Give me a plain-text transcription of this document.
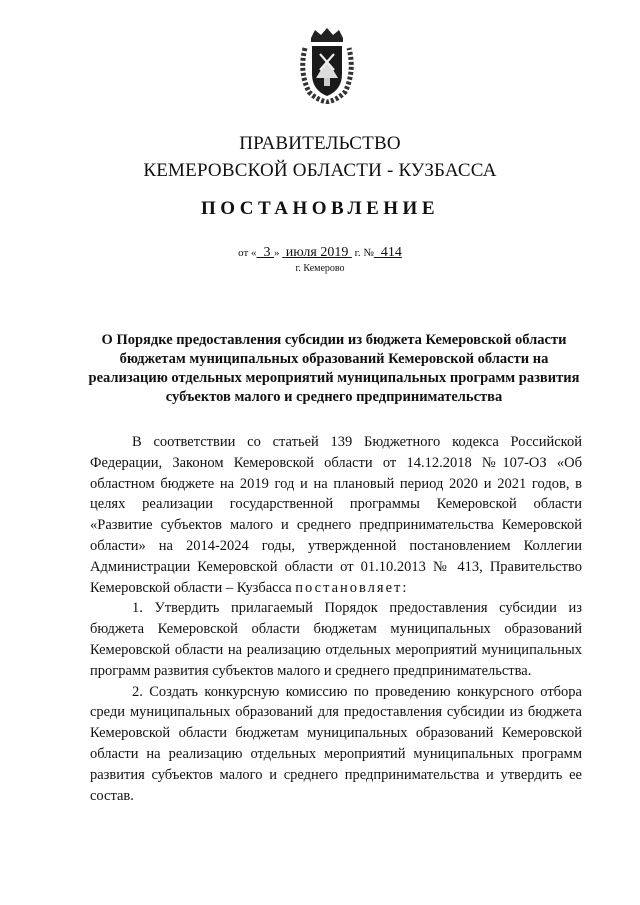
ПРАВИТЕЛЬСТВО
КЕМЕРОВСКОЙ ОБЛАСТИ - КУЗБАССА
ПОСТАНОВЛЕНИЕ
от « 3 » июля 2019 г. № 414
г. Кемерово
О Порядке предоставления субсидии из бюджета Кемеровской области бюджетам муниципальных образований Кемеровской области на реализацию отдельных мероприятий муниципальных программ развития субъектов малого и среднего предпринимательства

В соответствии со статьей 139 Бюджетного кодекса Российской Федерации, Законом Кемеровской области от 14.12.2018 №107-ОЗ «Об областном бюджете на 2019 год и на плановый период 2020 и 2021 годов, в целях реализации государственной программы Кемеровской области «Развитие субъектов малого и среднего предпринимательства Кемеровской области» на 2014-2024 годы, утвержденной постановлением Коллегии Администрации Кемеровской области от 01.10.2013 № 413, Правительство Кемеровской области – Кузбасса постановляет:

1. Утвердить прилагаемый Порядок предоставления субсидии из бюджета Кемеровской области бюджетам муниципальных образований Кемеровской области на реализацию отдельных мероприятий муниципальных программ развития субъектов малого и среднего предпринимательства.

2. Создать конкурсную комиссию по проведению конкурсного отбора среди муниципальных образований для предоставления субсидии из бюджета Кемеровской области бюджетам муниципальных образований Кемеровской области на реализацию отдельных мероприятий муниципальных программ развития субъектов малого и среднего предпринимательства и утвердить ее состав.
